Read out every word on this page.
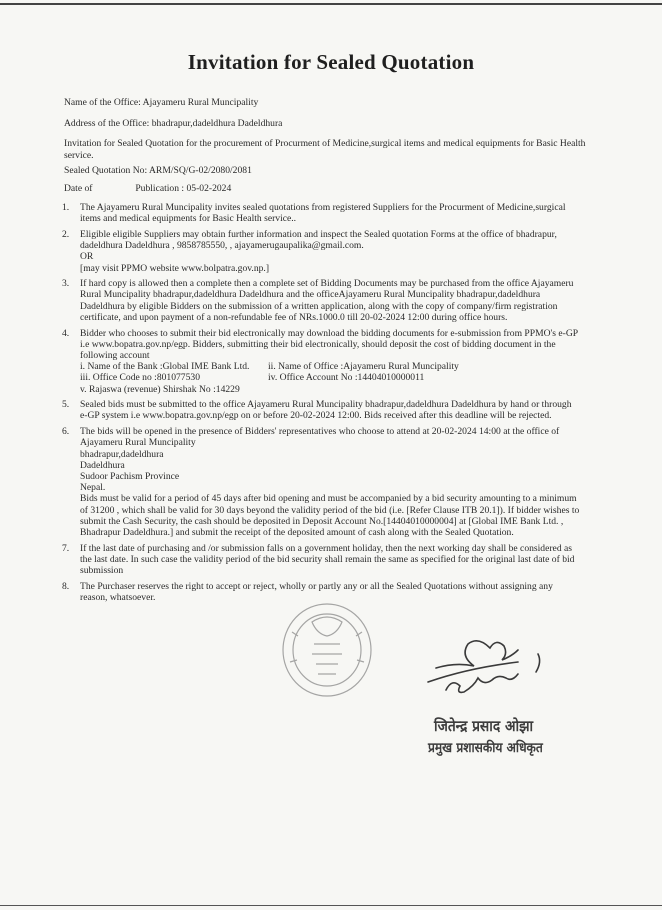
Invitation for Sealed Quotation
Name of the Office: Ajayameru Rural Muncipality
Address of the Office: bhadrapur,dadeldhura Dadeldhura
Invitation for Sealed Quotation for the procurement of Procurment of Medicine,surgical items and medical equipments for Basic Health service.
Sealed Quotation No: ARM/SQ/G-02/2080/2081
Date of	Publication : 05-02-2024
1. The Ajayameru Rural Muncipality invites sealed quotations from registered Suppliers for the Procurment of Medicine,surgical
items and medical equipments for Basic Health service..
2. Eligible eligible Suppliers may obtain further information and inspect the Sealed quotation Forms at the office of bhadrapur,
dadeldhura Dadeldhura , 9858785550, , ajayamerugaupalika@gmail.com.
OR
[may visit PPMO website www.bolpatra.gov.np.]
3. If hard copy is allowed then a complete then a complete set of Bidding Documents may be purchased from the office Ajayameru
Rural Muncipality bhadrapur,dadeldhura Dadeldhura and the officeAjayameru Rural Muncipality bhadrapur,dadeldhura
Dadeldhura by eligible Bidders on the submission of a written application, along with the copy of company/firm registration
certificate, and upon payment of a non-refundable fee of NRs.1000.0 till 20-02-2024 12:00 during office hours.
4. Bidder who chooses to submit their bid electronically may download the bidding documents for e-submission from PPMO's e-GP
i.e www.bopatra.gov.np/egp. Bidders, submitting their bid electronically, should deposit the cost of bidding document in the
following account
i. Name of the Bank :Global IME Bank Ltd.	ii. Name of Office :Ajayameru Rural Muncipality
iii. Office Code no :801077530	iv. Office Account No :14404010000011
v. Rajaswa (revenue) Shirshak No :14229
5. Sealed bids must be submitted to the office Ajayameru Rural Muncipality bhadrapur,dadeldhura Dadeldhura by hand or through
e-GP system i.e www.bopatra.gov.np/egp on or before 20-02-2024 12:00. Bids received after this deadline will be rejected.
6. The bids will be opened in the presence of Bidders' representatives who choose to attend at 20-02-2024 14:00 at the office of
Ajayameru Rural Muncipality
bhadrapur,dadeldhura
Dadeldhura
Sudoor Pachism Province
Nepal.
Bids must be valid for a period of 45 days after bid opening and must be accompanied by a bid security amounting to a minimum
of 31200 , which shall be valid for 30 days beyond the validity period of the bid (i.e. [Refer Clause ITB 20.1]). If bidder wishes to
submit the Cash Security, the cash should be deposited in Deposit Account No.[14404010000004] at [Global IME Bank Ltd. ,
Bhadrapur Dadeldhura.] and submit the receipt of the deposited amount of cash along with the Sealed Quotation.
7. If the last date of purchasing and /or submission falls on a government holiday, then the next working day shall be considered as
the last date. In such case the validity period of the bid security shall remain the same as specified for the original last date of bid
submission
8. The Purchaser reserves the right to accept or reject, wholly or partly any or all the Sealed Quotations without assigning any
reason, whatsoever.
जितेन्द्र प्रसाद ओझा
प्रमुख प्रशासकीय अधिकृत
